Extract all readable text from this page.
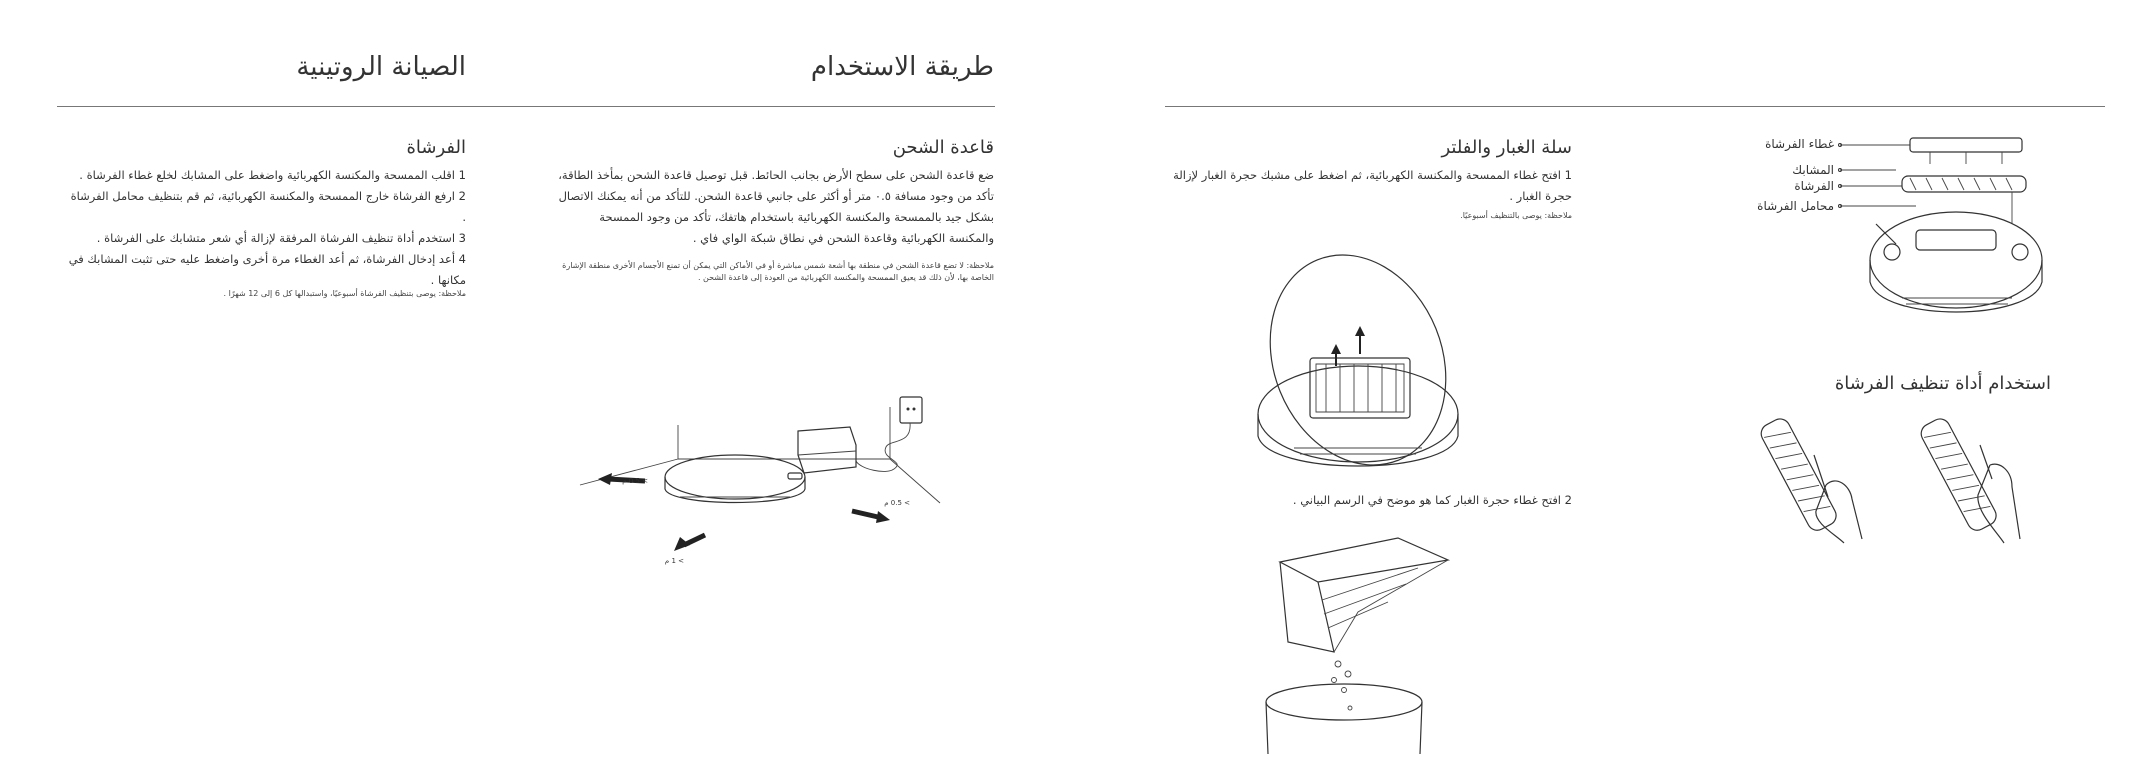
الصيانة الروتينية	طريقة الاستخدام
الفرشاة
1 اقلب الممسحة والمكنسة الكهربائية واضغط على المشابك لخلع غطاء الفرشاة .
2 ارفع الفرشاة خارج الممسحة والمكنسة الكهربائية، ثم قم بتنظيف محامل الفرشاة .
3 استخدم أداة تنظيف الفرشاة المرفقة لإزالة أي شعر متشابك على الفرشاة .
4 أعد إدخال الفرشاة، ثم أعد الغطاء مرة أخرى واضغط عليه حتى تثبت المشابك في مكانها .
ملاحظة: يوصى بتنظيف الفرشاة أسبوعيًا، واستبدالها كل 6 إلى 12 شهرًا .
قاعدة الشحن
ضع قاعدة الشحن على سطح الأرض بجانب الحائط. قبل توصيل قاعدة الشحن بمأخذ الطاقة،
تأكد من وجود مسافة ٠.٥ متر أو أكثر على جانبي قاعدة الشحن. للتأكد من أنه يمكنك الاتصال
بشكل جيد بالممسحة والمكنسة الكهربائية باستخدام هاتفك، تأكد من وجود الممسحة
والمكنسة الكهربائية وقاعدة الشحن في نطاق شبكة الواي فاي .
ملاحظة: لا تضع قاعدة الشحن في منطقة بها أشعة شمس مباشرة أو في الأماكن التي يمكن أن تمنع الأجسام الأخرى منطقة الإشارة
الخاصة بها، لأن ذلك قد يعيق الممسحة والمكنسة الكهربائية من العودة إلى قاعدة الشحن .
> 0.5 م
> 0.5 م
> 1 م
غطاء الفرشاة
المشابك
الفرشاة
محامل الفرشاة
استخدام أداة تنظيف الفرشاة
سلة الغبار والفلتر
1 افتح غطاء الممسحة والمكنسة الكهربائية، ثم اضغط على مشبك حجرة الغبار لإزالة
حجرة الغبار .
ملاحظة: يوصى بالتنظيف أسبوعيًا.
2 افتح غطاء حجرة الغبار كما هو موضح في الرسم البياني .
